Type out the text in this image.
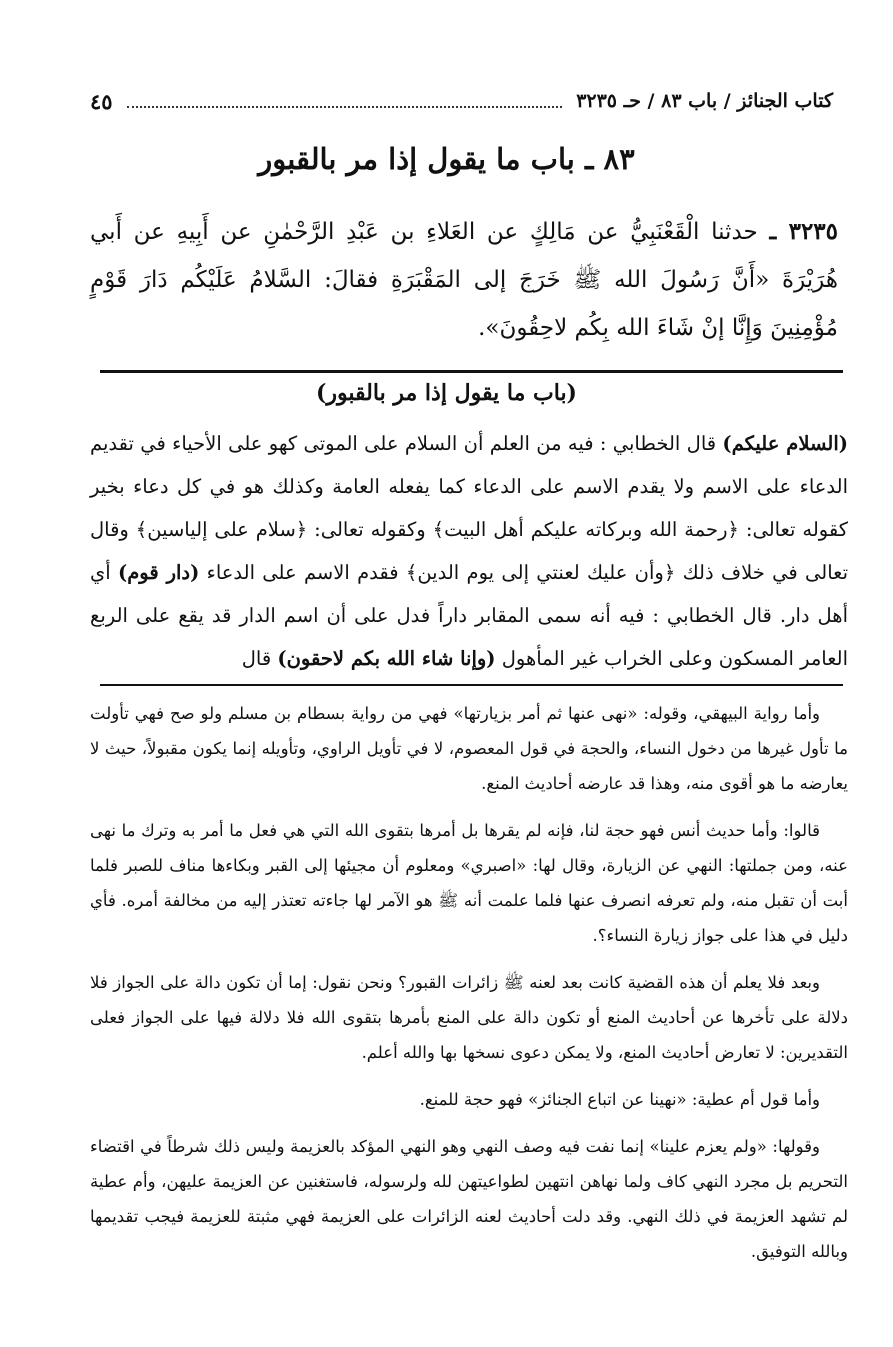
كتاب الجنائز / باب ٨٣ / حـ ٣٢٣٥
٤٥
٨٣ ـ باب ما يقول إذا مر بالقبور
٣٢٣٥ ـ حدثنا الْقَعْنَبِيُّ عن مَالِكٍ عن العَلاءِ بن عَبْدِ الرَّحْمٰنِ عن أَبِيهِ عن أَبي هُرَيْرَةَ «أَنَّ رَسُولَ الله ﷺ خَرَجَ إلى المَقْبَرَةِ فقالَ: السَّلامُ عَلَيْكُم دَارَ قَوْمٍ مُؤْمِنِينَ وَإِنَّا إنْ شَاءَ الله بِكُم لاحِقُونَ».
(باب ما يقول إذا مر بالقبور)
(السلام عليكم) قال الخطابي : فيه من العلم أن السلام على الموتى كهو على الأحياء في تقديم الدعاء على الاسم ولا يقدم الاسم على الدعاء كما يفعله العامة وكذلك هو في كل دعاء بخير كقوله تعالى: ﴿رحمة الله وبركاته عليكم أهل البيت﴾ وكقوله تعالى: ﴿سلام على إلياسين﴾ وقال تعالى في خلاف ذلك ﴿وأن عليك لعنتي إلى يوم الدين﴾ فقدم الاسم على الدعاء (دار قوم) أي أهل دار. قال الخطابي : فيه أنه سمى المقابر داراً فدل على أن اسم الدار قد يقع على الربع العامر المسكون وعلى الخراب غير المأهول (وإنا شاء الله بكم لاحقون) قال

وأما رواية البيهقي، وقوله: «نهى عنها ثم أمر بزيارتها» فهي من رواية بسطام بن مسلم ولو صح فهي تأولت ما تأول غيرها من دخول النساء، والحجة في قول المعصوم، لا في تأويل الراوي، وتأويله إنما يكون مقبولاً، حيث لا يعارضه ما هو أقوى منه، وهذا قد عارضه أحاديث المنع.

قالوا: وأما حديث أنس فهو حجة لنا، فإنه لم يقرها بل أمرها بتقوى الله التي هي فعل ما أمر به وترك ما نهى عنه، ومن جملتها: النهي عن الزيارة، وقال لها: «اصبري» ومعلوم أن مجيئها إلى القبر وبكاءها مناف للصبر فلما أبت أن تقبل منه، ولم تعرفه انصرف عنها فلما علمت أنه ﷺ هو الآمر لها جاءته تعتذر إليه من مخالفة أمره. فأي دليل في هذا على جواز زيارة النساء؟.

وبعد فلا يعلم أن هذه القضية كانت بعد لعنه ﷺ زائرات القبور؟ ونحن نقول: إما أن تكون دالة على الجواز فلا دلالة على تأخرها عن أحاديث المنع أو تكون دالة على المنع بأمرها بتقوى الله فلا دلالة فيها على الجواز فعلى التقديرين: لا تعارض أحاديث المنع، ولا يمكن دعوى نسخها بها والله أعلم.

وأما قول أم عطية: «نهينا عن اتباع الجنائز» فهو حجة للمنع.

وقولها: «ولم يعزم علينا» إنما نفت فيه وصف النهي وهو النهي المؤكد بالعزيمة وليس ذلك شرطاً في اقتضاء التحريم بل مجرد النهي كاف ولما نهاهن انتهين لطواعيتهن لله ولرسوله، فاستغنين عن العزيمة عليهن، وأم عطية لم تشهد العزيمة في ذلك النهي. وقد دلت أحاديث لعنه الزائرات على العزيمة فهي مثبتة للعزيمة فيجب تقديمها وبالله التوفيق.
